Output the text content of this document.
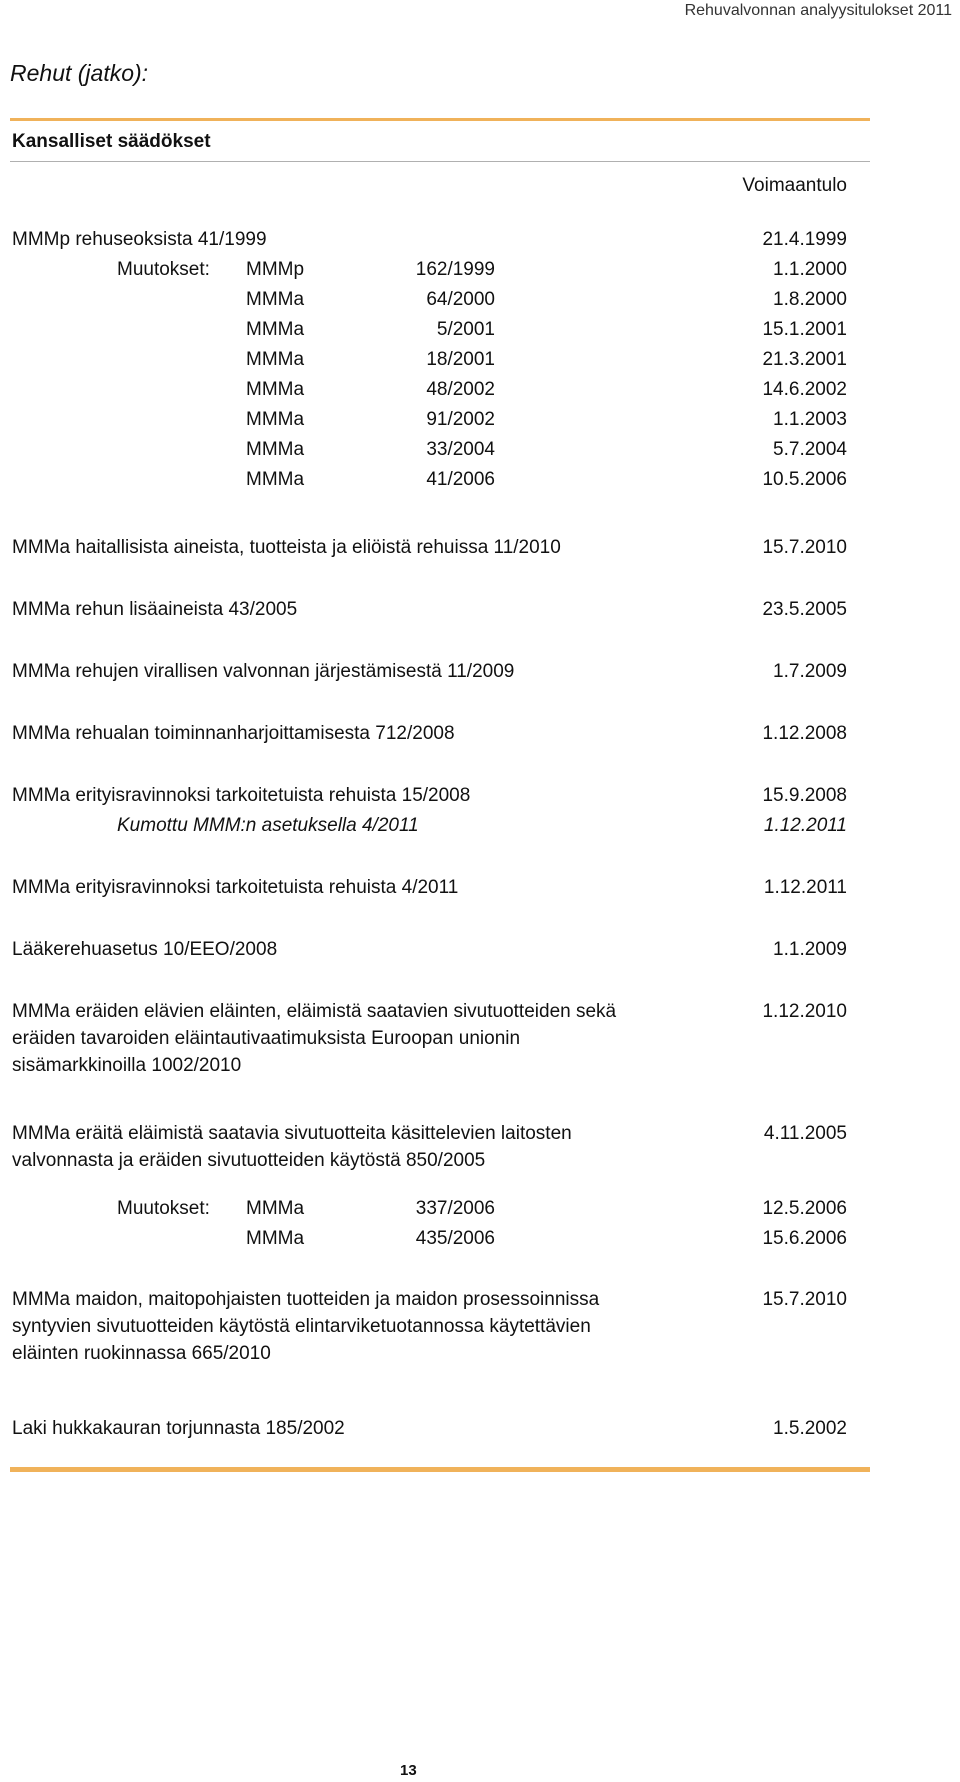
Rehuvalvonnan analyysitulokset 2011
Rehut (jatko):
Kansalliset säädökset
Voimaantulo
MMMp rehuseoksista 41/1999	21.4.1999
Muutokset: MMMp	162/1999	1.1.2000
MMMa	64/2000	1.8.2000
MMMa	5/2001	15.1.2001
MMMa	18/2001	21.3.2001
MMMa	48/2002	14.6.2002
MMMa	91/2002	1.1.2003
MMMa	33/2004	5.7.2004
MMMa	41/2006	10.5.2006
MMMa haitallisista aineista, tuotteista ja eliöistä rehuissa 11/2010	15.7.2010
MMMa rehun lisäaineista 43/2005	23.5.2005
MMMa rehujen virallisen valvonnan järjestämisestä 11/2009	1.7.2009
MMMa rehualan toiminnanharjoittamisesta 712/2008	1.12.2008
MMMa erityisravinnoksi tarkoitetuista rehuista 15/2008	15.9.2008
Kumottu MMM:n asetuksella 4/2011	1.12.2011
MMMa erityisravinnoksi tarkoitetuista rehuista 4/2011	1.12.2011
Lääkerehuasetus 10/EEO/2008	1.1.2009
MMMa eräiden elävien eläinten, eläimistä saatavien sivutuotteiden sekä
eräiden tavaroiden eläintautivaatimuksista Euroopan unionin
sisämarkkinoilla 1002/2010
1.12.2010
MMMa eräitä eläimistä saatavia sivutuotteita käsittelevien laitosten
valvonnasta ja eräiden sivutuotteiden käytöstä 850/2005
4.11.2005
Muutokset: MMMa	337/2006	12.5.2006
MMMa	435/2006	15.6.2006
MMMa maidon, maitopohjaisten tuotteiden ja maidon prosessoinnissa
syntyvien sivutuotteiden käytöstä elintarviketuotannossa käytettävien
eläinten ruokinnassa 665/2010
15.7.2010
Laki hukkakauran torjunnasta 185/2002	1.5.2002
13
